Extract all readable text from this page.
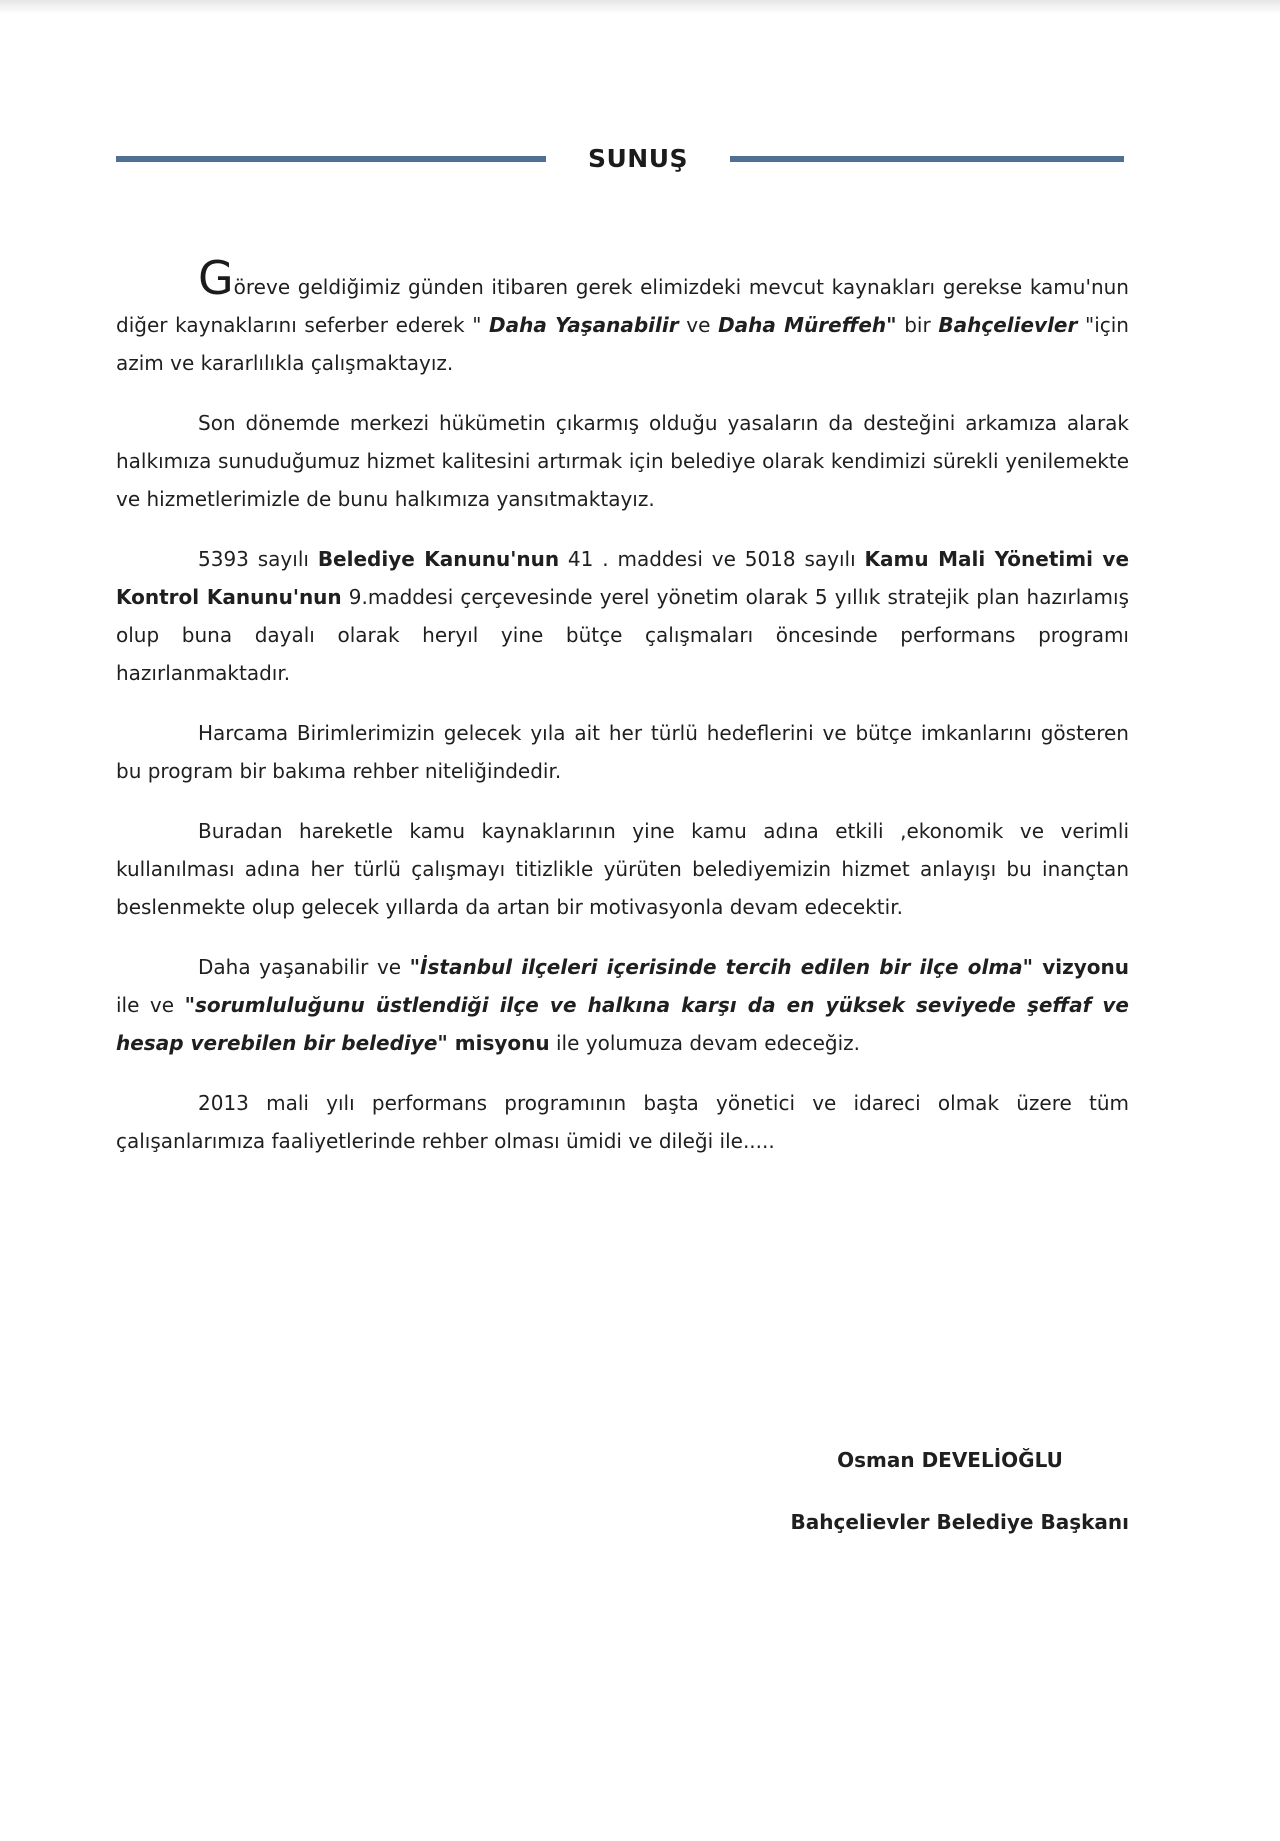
SUNUŞ

Göreve geldiğimiz günden itibaren gerek elimizdeki mevcut kaynakları gerekse kamu'nun diğer kaynaklarını seferber ederek " Daha Yaşanabilir ve Daha Müreffeh" bir Bahçelievler "için azim ve kararlılıkla çalışmaktayız.

Son dönemde merkezi hükümetin çıkarmış olduğu yasaların da desteğini arkamıza alarak halkımıza sunuduğumuz hizmet kalitesini artırmak için belediye olarak kendimizi sürekli yenilemekte ve hizmetlerimizle de bunu halkımıza yansıtmaktayız.

5393 sayılı Belediye Kanunu'nun 41 . maddesi ve 5018 sayılı Kamu Mali Yönetimi ve Kontrol Kanunu'nun 9.maddesi çerçevesinde yerel yönetim olarak 5 yıllık stratejik plan hazırlamış olup buna dayalı olarak heryıl yine bütçe çalışmaları öncesinde performans programı hazırlanmaktadır.

Harcama Birimlerimizin gelecek yıla ait her türlü hedeflerini ve bütçe imkanlarını gösteren bu program bir bakıma rehber niteliğindedir.

Buradan hareketle kamu kaynaklarının yine kamu adına etkili ,ekonomik ve verimli kullanılması adına her türlü çalışmayı titizlikle yürüten belediyemizin hizmet anlayışı bu inançtan beslenmekte olup gelecek yıllarda da artan bir motivasyonla devam edecektir.

Daha yaşanabilir ve "İstanbul ilçeleri içerisinde tercih edilen bir ilçe olma" vizyonu ile ve "sorumluluğunu üstlendiği ilçe ve halkına karşı da en yüksek seviyede şeffaf ve hesap verebilen bir belediye" misyonu ile yolumuza devam edeceğiz.

2013 mali yılı performans programının başta yönetici ve idareci olmak üzere tüm çalışanlarımıza faaliyetlerinde rehber olması ümidi ve dileği ile.....

Osman DEVELİOĞLU
Bahçelievler Belediye Başkanı
